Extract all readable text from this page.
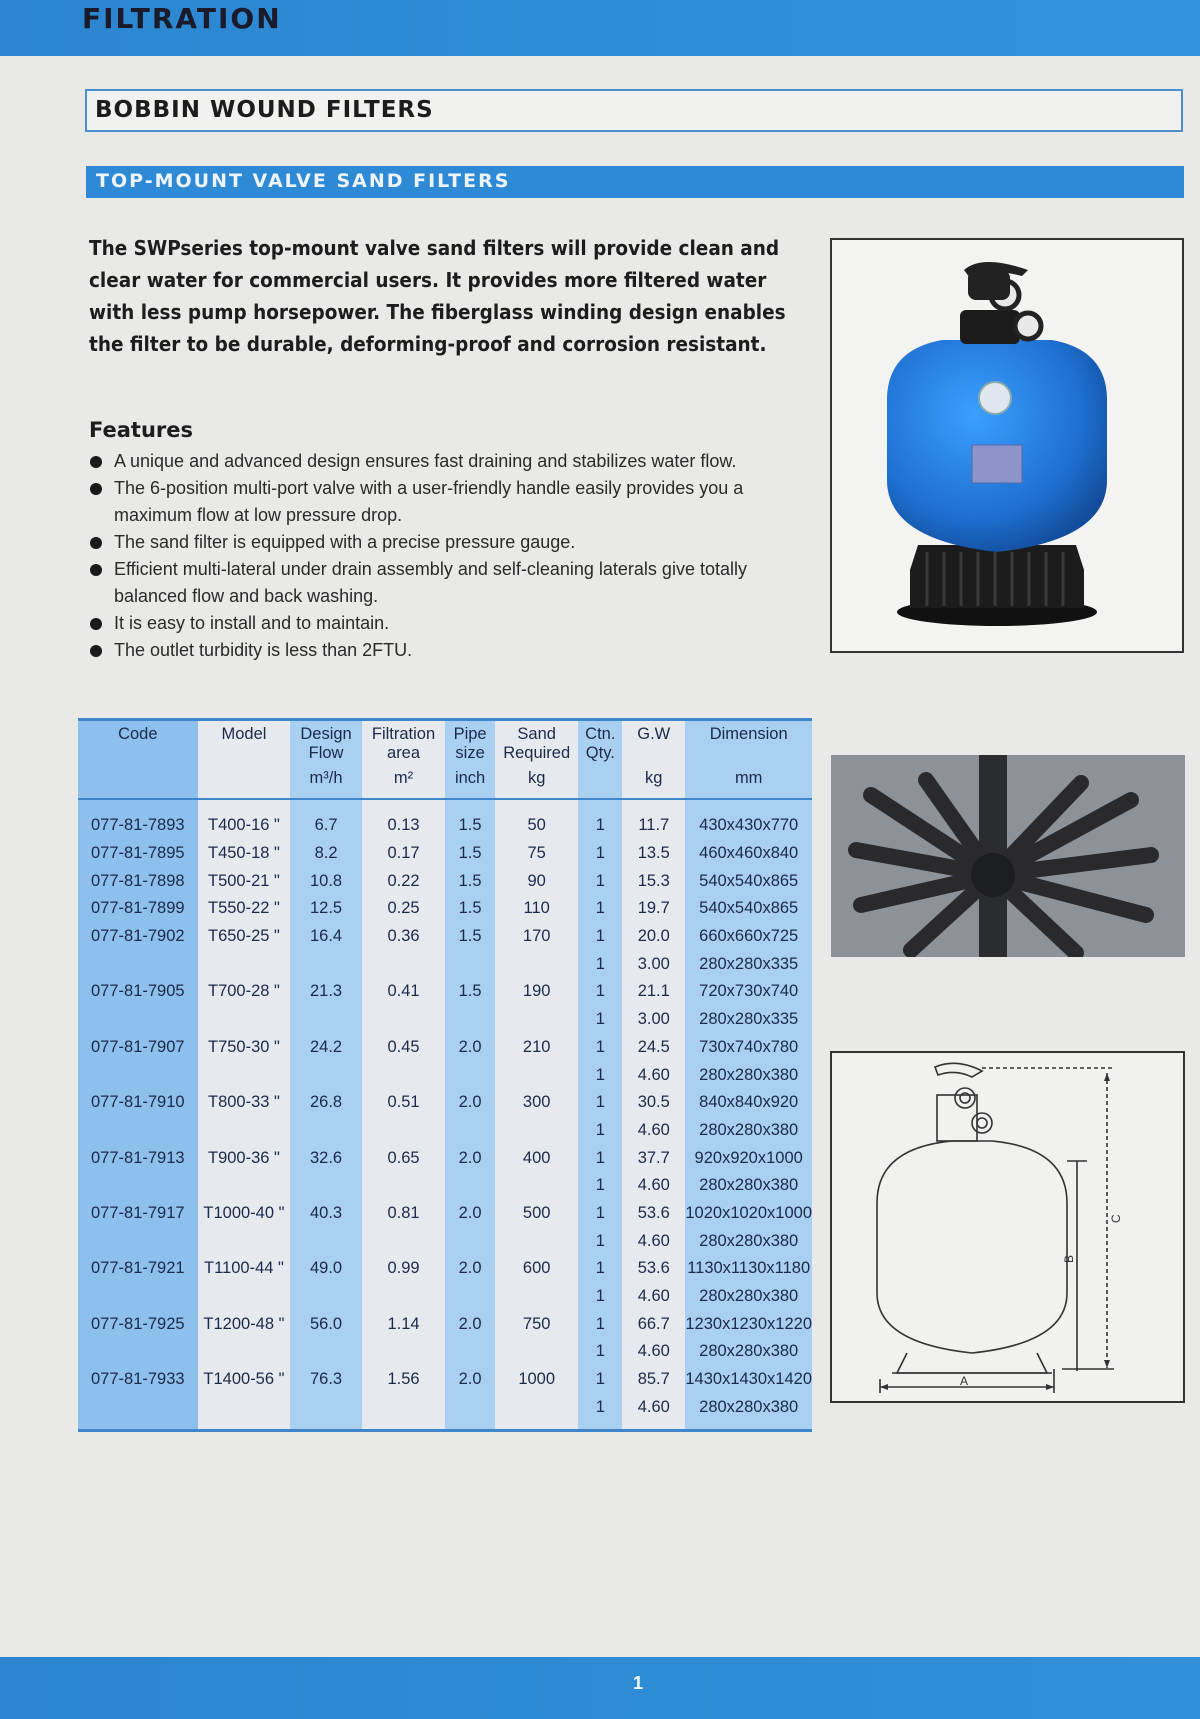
FILTRATION
BOBBIN WOUND FILTERS
TOP-MOUNT VALVE SAND FILTERS
The SWPseries top-mount valve sand filters will provide clean and clear water for commercial users. It provides more filtered water with less pump horsepower. The fiberglass winding design enables the filter to be durable, deforming-proof and corrosion resistant.
Features
A unique and advanced design ensures fast draining and stabilizes water flow.
The 6-position multi-port valve with a user-friendly handle easily provides you a maximum flow at low pressure drop.
The sand filter is equipped with a precise pressure gauge.
Efficient multi-lateral under drain assembly and self-cleaning laterals give totally balanced flow and back washing.
It is easy to install and to maintain.
The outlet turbidity is less than 2FTU.
A
B
C
Code	Model	Design Flow	Filtration area	Pipe size	Sand Required	Ctn. Qty.	G.W	Dimension
		m³/h	m²	inch	kg		kg	mm
077-81-7893	T400-16 "	6.7	0.13	1.5	50	1	11.7	430x430x770
077-81-7895	T450-18 "	8.2	0.17	1.5	75	1	13.5	460x460x840
077-81-7898	T500-21 "	10.8	0.22	1.5	90	1	15.3	540x540x865
077-81-7899	T550-22 "	12.5	0.25	1.5	110	1	19.7	540x540x865
077-81-7902	T650-25 "	16.4	0.36	1.5	170	1	20.0	660x660x725
						1	3.00	280x280x335
077-81-7905	T700-28 "	21.3	0.41	1.5	190	1	21.1	720x730x740
						1	3.00	280x280x335
077-81-7907	T750-30 "	24.2	0.45	2.0	210	1	24.5	730x740x780
						1	4.60	280x280x380
077-81-7910	T800-33 "	26.8	0.51	2.0	300	1	30.5	840x840x920
						1	4.60	280x280x380
077-81-7913	T900-36 "	32.6	0.65	2.0	400	1	37.7	920x920x1000
						1	4.60	280x280x380
077-81-7917	T1000-40 "	40.3	0.81	2.0	500	1	53.6	1020x1020x1000
						1	4.60	280x280x380
077-81-7921	T1100-44 "	49.0	0.99	2.0	600	1	53.6	1130x1130x1180
						1	4.60	280x280x380
077-81-7925	T1200-48 "	56.0	1.14	2.0	750	1	66.7	1230x1230x1220
						1	4.60	280x280x380
077-81-7933	T1400-56 "	76.3	1.56	2.0	1000	1	85.7	1430x1430x1420
						1	4.60	280x280x380
1
